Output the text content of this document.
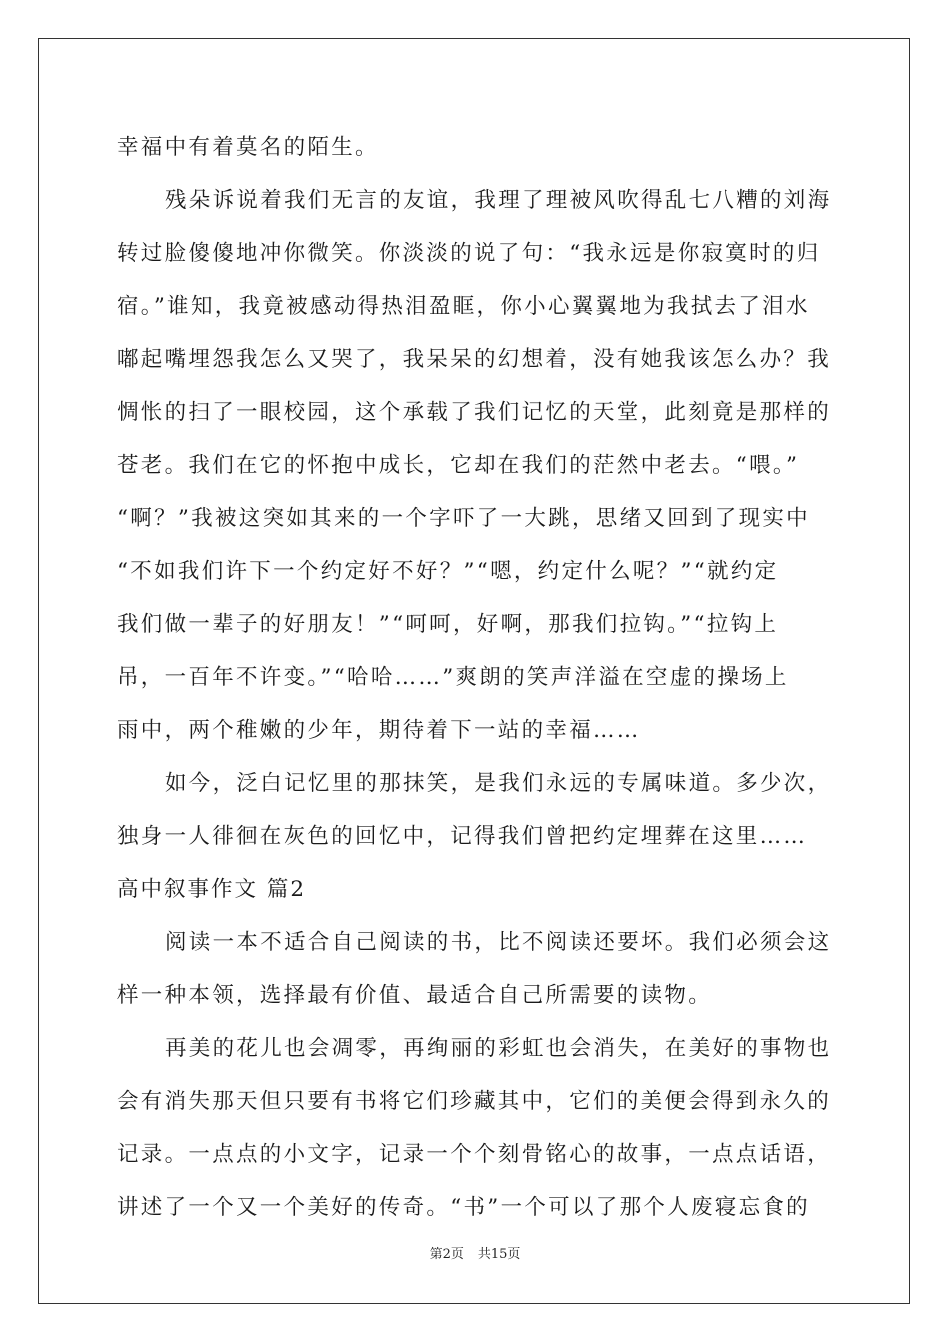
幸福中有着莫名的陌生。
残朵诉说着我们无言的友谊，我理了理被风吹得乱七八糟的刘海
转过脸傻傻地冲你微笑。你淡淡的说了句：“我永远是你寂寞时的归
宿。”谁知，我竟被感动得热泪盈眶，你小心翼翼地为我拭去了泪水
嘟起嘴埋怨我怎么又哭了，我呆呆的幻想着，没有她我该怎么办？我
惆怅的扫了一眼校园，这个承载了我们记忆的天堂，此刻竟是那样的
苍老。我们在它的怀抱中成长，它却在我们的茫然中老去。“喂。”
“啊？”我被这突如其来的一个字吓了一大跳，思绪又回到了现实中
“不如我们许下一个约定好不好？”“嗯，约定什么呢？”“就约定
我们做一辈子的好朋友！”“呵呵，好啊，那我们拉钩。”“拉钩上
吊，一百年不许变。”“哈哈……”爽朗的笑声洋溢在空虚的操场上
雨中，两个稚嫩的少年，期待着下一站的幸福……
如今，泛白记忆里的那抹笑，是我们永远的专属味道。多少次，
独身一人徘徊在灰色的回忆中，记得我们曾把约定埋葬在这里……
高中叙事作文 篇2
阅读一本不适合自己阅读的书，比不阅读还要坏。我们必须会这
样一种本领，选择最有价值、最适合自己所需要的读物。
再美的花儿也会凋零，再绚丽的彩虹也会消失，在美好的事物也
会有消失那天但只要有书将它们珍藏其中，它们的美便会得到永久的
记录。一点点的小文字，记录一个个刻骨铭心的故事，一点点话语，
讲述了一个又一个美好的传奇。“书”一个可以了那个人废寝忘食的
第2页 共15页
